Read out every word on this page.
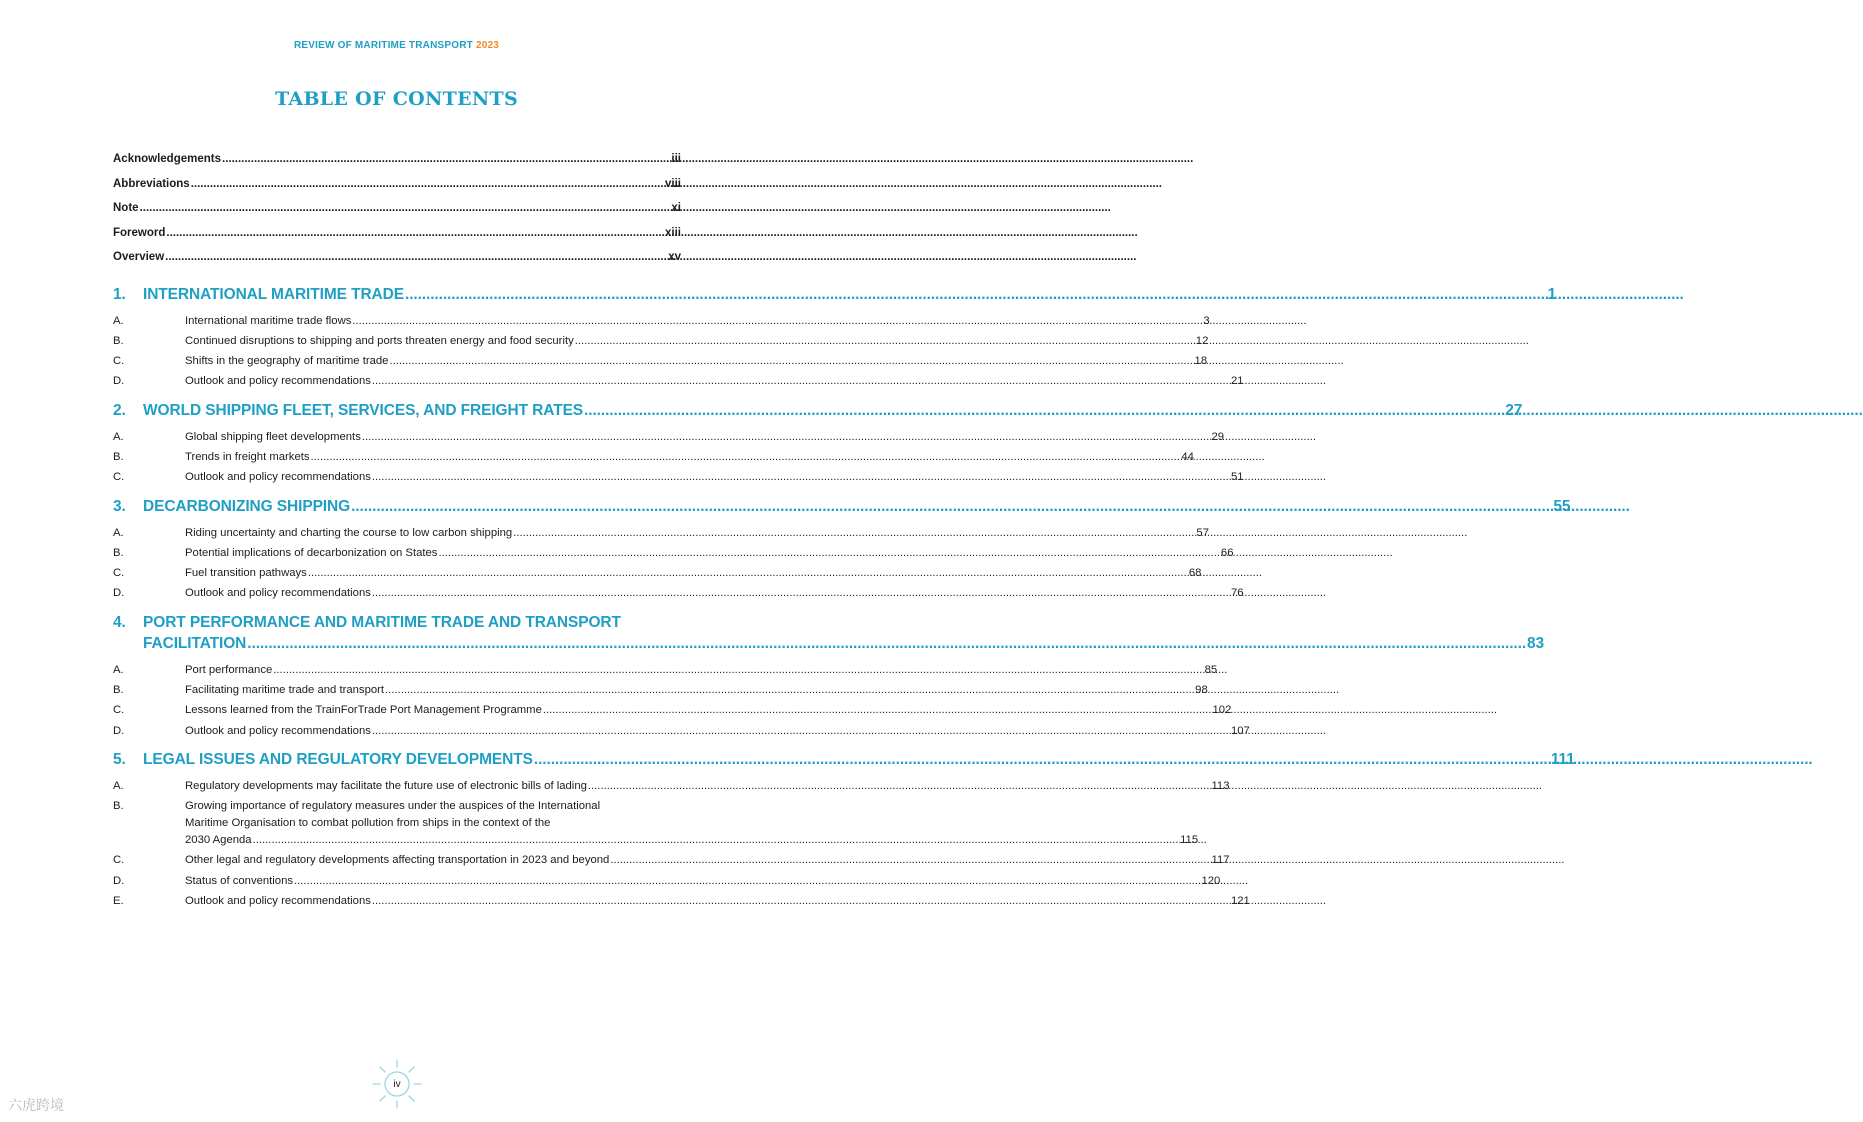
REVIEW OF MARITIME TRANSPORT 2023
TABLE OF CONTENTS
Acknowledgements .....	iii
Abbreviations .....	viii
Note .....	xi
Foreword .....	xiii
Overview .....	xv
1.	INTERNATIONAL MARITIME TRADE .....	1
A.	International maritime trade flows .....	3
B.	Continued disruptions to shipping and ports threaten energy and food security .....	12
C.	Shifts in the geography of maritime trade .....	18
D.	Outlook and policy recommendations .....	21
2.	WORLD SHIPPING FLEET, SERVICES, AND FREIGHT RATES .....	27
A.	Global shipping fleet developments .....	29
B.	Trends in freight markets .....	44
C.	Outlook and policy recommendations .....	51
3.	DECARBONIZING SHIPPING .....	55
A.	Riding uncertainty and charting the course to low carbon shipping .....	57
B.	Potential implications of decarbonization on States .....	66
C.	Fuel transition pathways .....	68
D.	Outlook and policy recommendations .....	76
4.	PORT PERFORMANCE AND MARITIME TRADE AND TRANSPORT
FACILITATION .....	83
A.	Port performance .....	85
B.	Facilitating maritime trade and transport .....	98
C.	Lessons learned from the TrainForTrade Port Management Programme .....	102
D.	Outlook and policy recommendations .....	107
5.	LEGAL ISSUES AND REGULATORY DEVELOPMENTS .....	111
A.	Regulatory developments may facilitate the future use of electronic bills of lading .....	113
B.	Growing importance of regulatory measures under the auspices of the International
Maritime Organisation to combat pollution from ships in the context of the
2030 Agenda .....	115
C.	Other legal and regulatory developments affecting transportation in 2023 and beyond .....	117
D.	Status of conventions .....	120
E.	Outlook and policy recommendations .....	121
iv
六虎跨境
